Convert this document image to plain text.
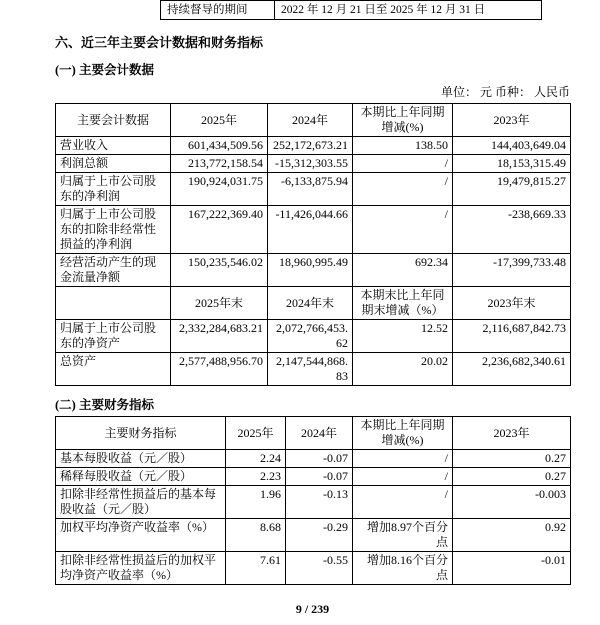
持续督导的期间	2022 年 12 月 21 日至 2025 年 12 月 31 日
六、近三年主要会计数据和财务指标
(一) 主要会计数据
单位： 元 币种： 人民币
主要会计数据	2025年	2024年	本期比上年同期增减(%)	2023年
营业收入	601,434,509.56	252,172,673.21	138.50	144,403,649.04
利润总额	213,772,158.54	-15,312,303.55	/	18,153,315.49
归属于上市公司股东的净利润	190,924,031.75	-6,133,875.94	/	19,479,815.27
归属于上市公司股东的扣除非经常性损益的净利润	167,222,369.40	-11,426,044.66	/	-238,669.33
经营活动产生的现金流量净额	150,235,546.02	18,960,995.49	692.34	-17,399,733.48
	2025年末	2024年末	本期末比上年同期末增减（%）	2023年末
归属于上市公司股东的净资产	2,332,284,683.21	2,072,766,453.62	12.52	2,116,687,842.73
总资产	2,577,488,956.70	2,147,544,868.83	20.02	2,236,682,340.61
(二) 主要财务指标
主要财务指标	2025年	2024年	本期比上年同期增减(%)	2023年
基本每股收益（元／股）	2.24	-0.07	/	0.27
稀释每股收益（元／股）	2.23	-0.07	/	0.27
扣除非经常性损益后的基本每股收益（元／股）	1.96	-0.13	/	-0.003
加权平均净资产收益率（%）	8.68	-0.29	增加8.97个百分点	0.92
扣除非经常性损益后的加权平均净资产收益率（%）	7.61	-0.55	增加8.16个百分点	-0.01
9 / 239
